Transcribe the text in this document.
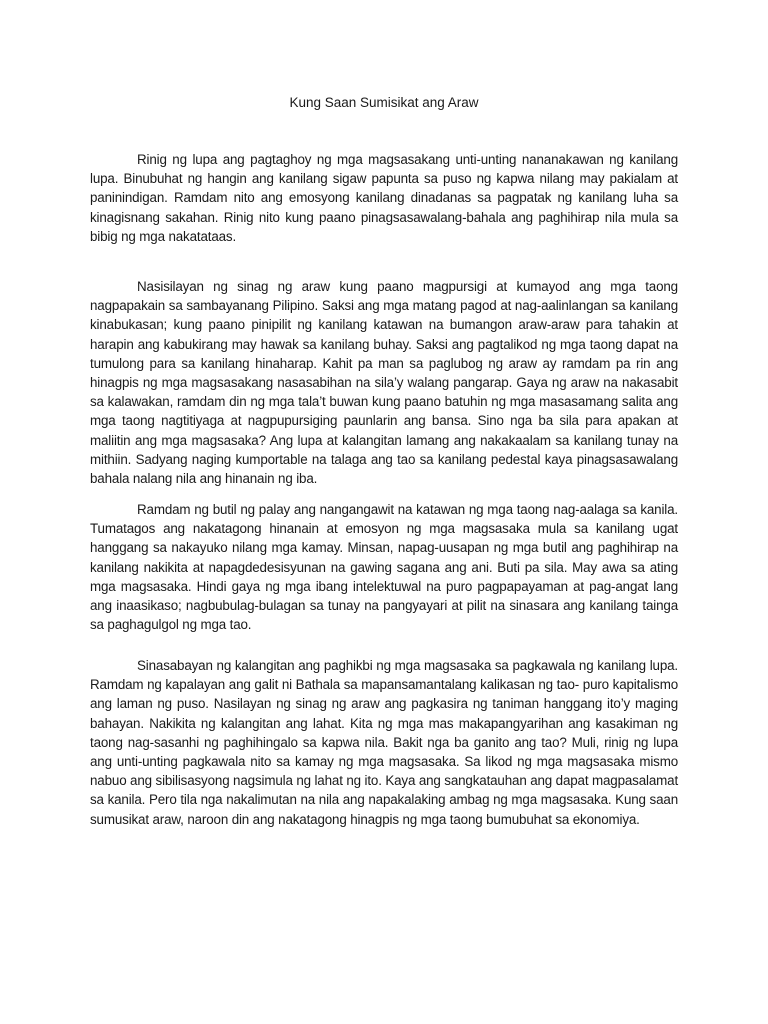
Kung Saan Sumisikat ang Araw

Rinig ng lupa ang pagtaghoy ng mga magsasakang unti-unting nananakawan ng kanilang lupa. Binubuhat ng hangin ang kanilang sigaw papunta sa puso ng kapwa nilang may pakialam at paninindigan. Ramdam nito ang emosyong kanilang dinadanas sa pagpatak ng kanilang luha sa kinagisnang sakahan. Rinig nito kung paano pinagsasawalang-bahala ang paghihirap nila mula sa bibig ng mga nakatataas.

Nasisilayan ng sinag ng araw kung paano magpursigi at kumayod ang mga taong nagpapakain sa sambayanang Pilipino. Saksi ang mga matang pagod at nag-aalinlangan sa kanilang kinabukasan; kung paano pinipilit ng kanilang katawan na bumangon araw-araw para tahakin at harapin ang kabukirang may hawak sa kanilang buhay. Saksi ang pagtalikod ng mga taong dapat na tumulong para sa kanilang hinaharap. Kahit pa man sa paglubog ng araw ay ramdam pa rin ang hinagpis ng mga magsasakang nasasabihan na sila’y walang pangarap. Gaya ng araw na nakasabit sa kalawakan, ramdam din ng mga tala’t buwan kung paano batuhin ng mga masasamang salita ang mga taong nagtitiyaga at nagpupursiging paunlarin ang bansa. Sino nga ba sila para apakan at maliitin ang mga magsasaka? Ang lupa at kalangitan lamang ang nakakaalam sa kanilang tunay na mithiin. Sadyang naging kumportable na talaga ang tao sa kanilang pedestal kaya pinagsasawalang bahala nalang nila ang hinanain ng iba.

Ramdam ng butil ng palay ang nangangawit na katawan ng mga taong nag-aalaga sa kanila. Tumatagos ang nakatagong hinanain at emosyon ng mga magsasaka mula sa kanilang ugat hanggang sa nakayuko nilang mga kamay. Minsan, napag-uusapan ng mga butil ang paghihirap na kanilang nakikita at napagdedesisyunan na gawing sagana ang ani. Buti pa sila. May awa sa ating mga magsasaka. Hindi gaya ng mga ibang intelektuwal na puro pagpapayaman at pag-angat lang ang inaasikaso; nagbubulag-bulagan sa tunay na pangyayari at pilit na sinasara ang kanilang tainga sa paghagulgol ng mga tao.

Sinasabayan ng kalangitan ang paghikbi ng mga magsasaka sa pagkawala ng kanilang lupa. Ramdam ng kapalayan ang galit ni Bathala sa mapansamantalang kalikasan ng tao- puro kapitalismo ang laman ng puso. Nasilayan ng sinag ng araw ang pagkasira ng taniman hanggang ito’y maging bahayan. Nakikita ng kalangitan ang lahat. Kita ng mga mas makapangyarihan ang kasakiman ng taong nag-sasanhi ng paghihingalo sa kapwa nila. Bakit nga ba ganito ang tao? Muli, rinig ng lupa ang unti-unting pagkawala nito sa kamay ng mga magsasaka. Sa likod ng mga magsasaka mismo nabuo ang sibilisasyong nagsimula ng lahat ng ito. Kaya ang sangkatauhan ang dapat magpasalamat sa kanila. Pero tila nga nakalimutan na nila ang napakalaking ambag ng mga magsasaka. Kung saan sumusikat araw, naroon din ang nakatagong hinagpis ng mga taong bumubuhat sa ekonomiya.
